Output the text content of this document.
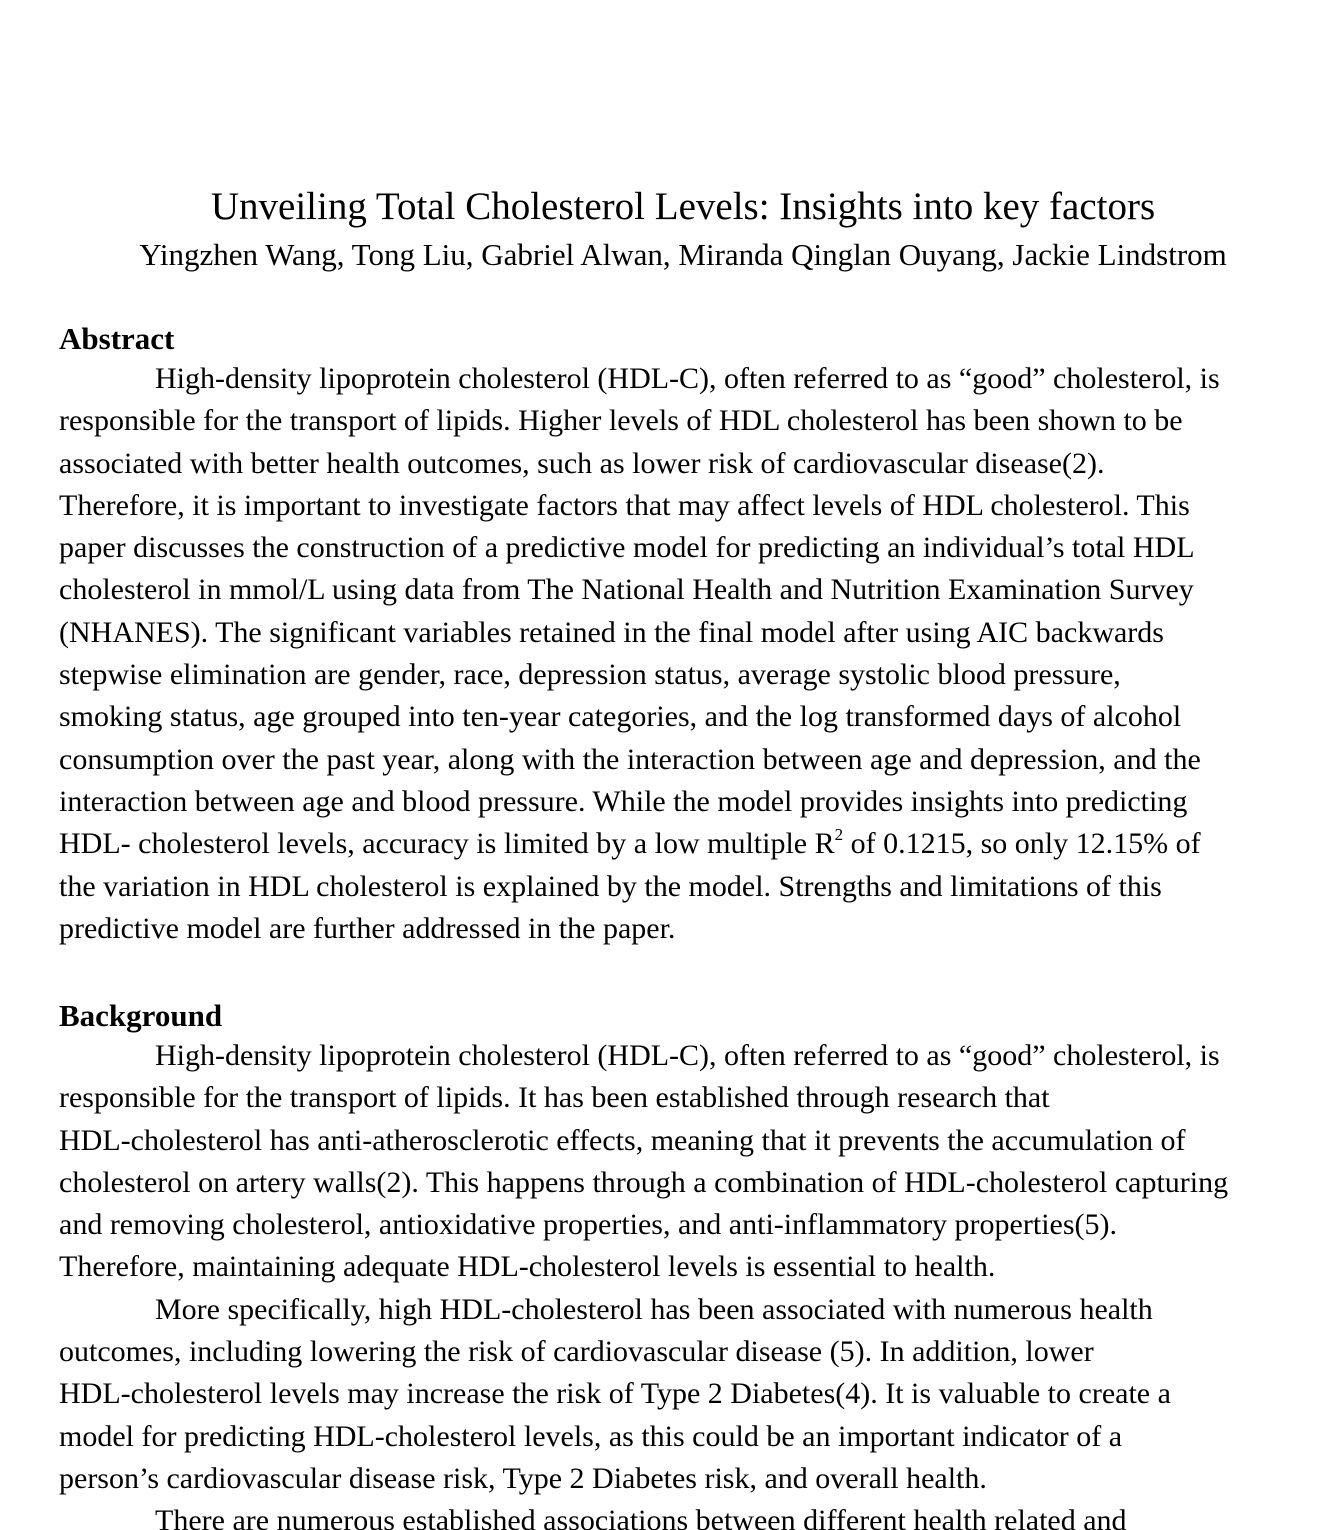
Unveiling Total Cholesterol Levels: Insights into key factors
Yingzhen Wang, Tong Liu, Gabriel Alwan, Miranda Qinglan Ouyang, Jackie Lindstrom
Abstract
High-density lipoprotein cholesterol (HDL-C), often referred to as “good” cholesterol, is
responsible for the transport of lipids. Higher levels of HDL cholesterol has been shown to be
associated with better health outcomes, such as lower risk of cardiovascular disease(2).
Therefore, it is important to investigate factors that may affect levels of HDL cholesterol. This
paper discusses the construction of a predictive model for predicting an individual’s total HDL
cholesterol in mmol/L using data from The National Health and Nutrition Examination Survey
(NHANES). The significant variables retained in the final model after using AIC backwards
stepwise elimination are gender, race, depression status, average systolic blood pressure,
smoking status, age grouped into ten-year categories, and the log transformed days of alcohol
consumption over the past year, along with the interaction between age and depression, and the
interaction between age and blood pressure. While the model provides insights into predicting
HDL- cholesterol levels, accuracy is limited by a low multiple $R^2$ of 0.1215, so only 12.15% of
the variation in HDL cholesterol is explained by the model. Strengths and limitations of this
predictive model are further addressed in the paper.
Background
High-density lipoprotein cholesterol (HDL-C), often referred to as “good” cholesterol, is
responsible for the transport of lipids. It has been established through research that
HDL-cholesterol has anti-atherosclerotic effects, meaning that it prevents the accumulation of
cholesterol on artery walls(2). This happens through a combination of HDL-cholesterol capturing
and removing cholesterol, antioxidative properties, and anti-inflammatory properties(5).
Therefore, maintaining adequate HDL-cholesterol levels is essential to health.
More specifically, high HDL-cholesterol has been associated with numerous health
outcomes, including lowering the risk of cardiovascular disease (5). In addition, lower
HDL-cholesterol levels may increase the risk of Type 2 Diabetes(4). It is valuable to create a
model for predicting HDL-cholesterol levels, as this could be an important indicator of a
person’s cardiovascular disease risk, Type 2 Diabetes risk, and overall health.
There are numerous established associations between different health related and
